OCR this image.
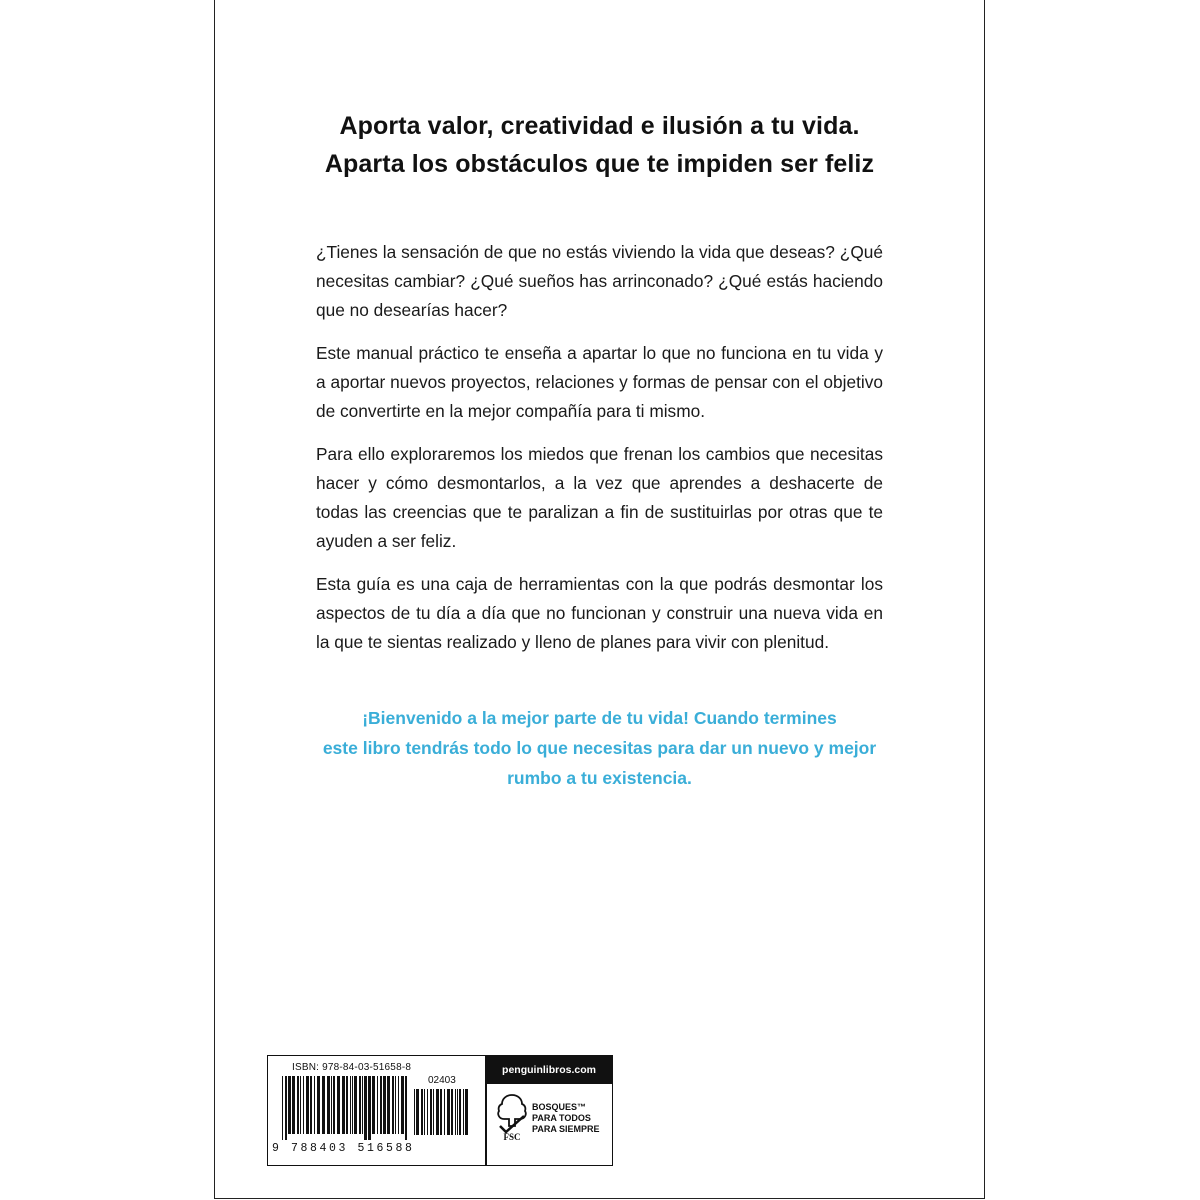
Aporta valor, creatividad e ilusión a tu vida.
Aparta los obstáculos que te impiden ser feliz

¿Tienes la sensación de que no estás viviendo la vida que deseas? ¿Qué necesitas cambiar? ¿Qué sueños has arrinconado? ¿Qué estás haciendo que no desearías hacer?

Este manual práctico te enseña a apartar lo que no funciona en tu vida y a aportar nuevos proyectos, relaciones y formas de pensar con el objetivo de convertirte en la mejor compañía para ti mismo.

Para ello exploraremos los miedos que frenan los cambios que necesitas hacer y cómo desmontarlos, a la vez que aprendes a deshacerte de todas las creencias que te paralizan a fin de sustituirlas por otras que te ayuden a ser feliz.

Esta guía es una caja de herramientas con la que podrás desmontar los aspectos de tu día a día que no funcionan y construir una nueva vida en la que te sientas realizado y lleno de planes para vivir con plenitud.

¡Bienvenido a la mejor parte de tu vida! Cuando termines
este libro tendrás todo lo que necesitas para dar un nuevo y mejor
rumbo a tu existencia.
ISBN: 978-84-03-51658-8
02403
9 788403 516588
penguinlibros.com
FSC
BOSQUES™
PARA TODOS
PARA SIEMPRE
